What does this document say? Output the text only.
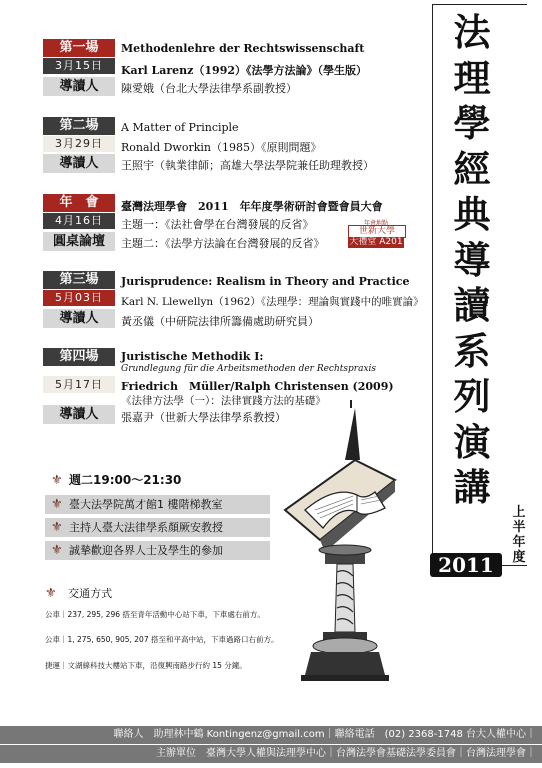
第一場
3月15日
導讀人
Methodenlehre der Rechtswissenschaft
Karl Larenz（1992）《法學方法論》（學生版）
陳愛娥（台北大學法律學系副教授）
第二場
3月29日
導讀人
A Matter of Principle
Ronald Dworkin（1985）《原則問題》
王照宇（執業律師；高雄大學法學院兼任助理教授）
年　會
4月16日
圓桌論壇
臺灣法理學會　2011　年年度學術研討會暨會員大會
主題一：《法社會學在台灣發展的反省》
主題二：《法學方法論在台灣發展的反省》
年會地點
世新大學
大禮堂 A201
第三場
5月03日
導讀人
Jurisprudence: Realism in Theory and Practice
Karl N. Llewellyn（1962）《法理學：理論與實踐中的唯實論》
黃丞儀（中研院法律所籌備處助研究員）
第四場
5月17日
導讀人
Juristische Methodik I:
Grundlegung für die Arbeitsmethoden der Rechtspraxis
Friedrich　Müller/Ralph Christensen (2009)
《法律方法學（一）：法律實踐方法的基礎》
張嘉尹（世新大學法律學系教授）
法
理
學
經
典
導
讀
系
列
演
講
上
半
年
度
2011
⚜ 週二19:00～21:30
⚜ 臺大法學院萬才館1 樓階梯教室
⚜ 主持人臺大法律學系顏厥安教授
⚜ 誠摯歡迎各界人士及學生的參加
⚜ 交通方式
公車｜237, 295, 296 搭至青年活動中心站下車，下車處右前方。
公車｜1, 275, 650, 905, 207 搭至和平高中站，下車過路口右前方。
捷運｜文湖線科技大樓站下車，沿復興南路步行約 15 分鐘。
聯絡人　助理林中鶴 Kontingenz@gmail.com｜聯絡電話　(02) 2368-1748 台大人權中心｜
主辦單位　臺灣大學人權與法理學中心｜台灣法學會基礎法學委員會｜台灣法理學會｜
